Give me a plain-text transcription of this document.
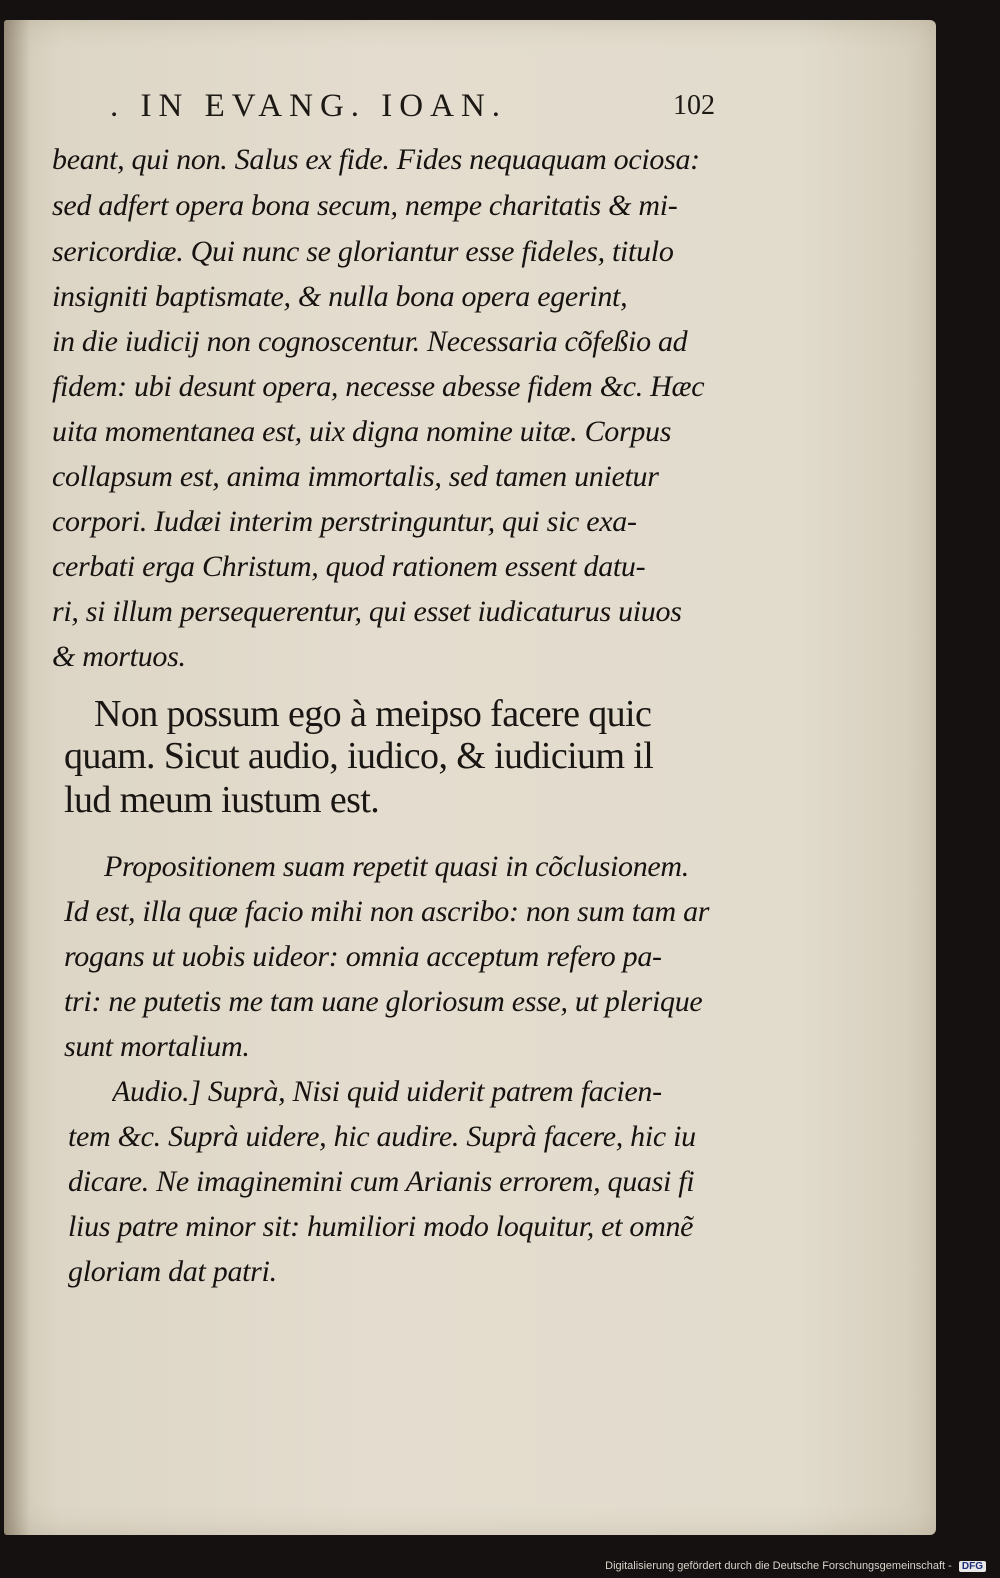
. IN EVANG. IOAN.	102

beant, qui non. Salus ex fide. Fides nequaquam ociosa:

sed adfert opera bona secum, nempe charitatis & mi-

sericordiæ. Qui nunc se gloriantur esse fideles, titulo

insigniti baptismate, & nulla bona opera egerint,

in die iudicij non cognoscentur. Necessaria cõfeßio ad

fidem: ubi desunt opera, necesse abesse fidem &c. Hæc

uita momentanea est, uix digna nomine uitæ. Corpus

collapsum est, anima immortalis, sed tamen unietur

corpori. Iudæi interim perstringuntur, qui sic exa-

cerbati erga Christum, quod rationem essent datu-

ri, si illum persequerentur, qui esset iudicaturus uiuos

& mortuos.

Non possum ego à meipso facere quic

quam. Sicut audio, iudico, & iudicium il

lud meum iustum est.

Propositionem suam repetit quasi in cõclusionem.

Id est, illa quæ facio mihi non ascribo: non sum tam ar

rogans ut uobis uideor: omnia acceptum refero pa-

tri: ne putetis me tam uane gloriosum esse, ut plerique

sunt mortalium.

Audio.] Suprà, Nisi quid uiderit patrem facien-

tem &c. Suprà uidere, hic audire. Suprà facere, hic iu

dicare. Ne imaginemini cum Arianis errorem, quasi fi

lius patre minor sit: humiliori modo loquitur, et omnẽ

gloriam dat patri.

Digitalisierung gefördert durch die Deutsche Forschungsgemeinschaft - DFG
